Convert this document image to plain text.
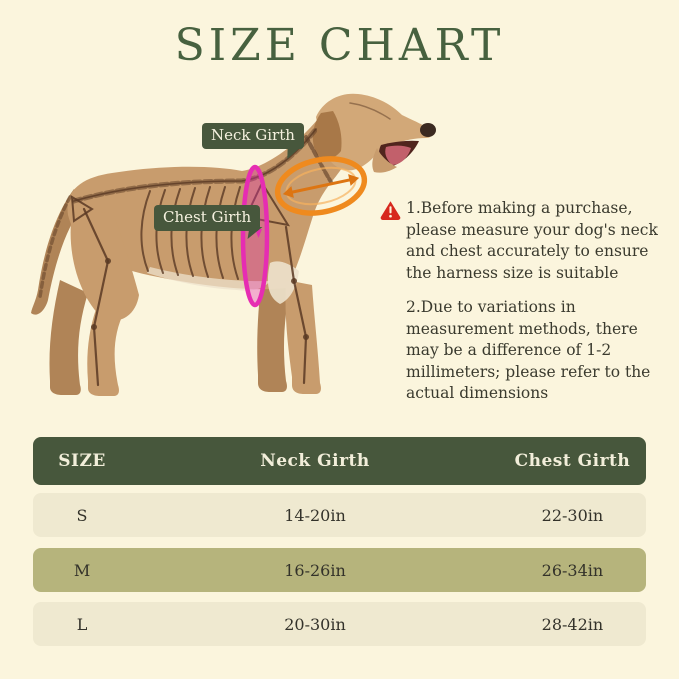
SIZE CHART
Neck Girth
Chest Girth	1.Before making a purchase,
please measure your dog's neck
and chest accurately to ensure
the harness size is suitable
2.Due to variations in
measurement methods, there
may be a difference of 1-2
millimeters; please refer to the
actual dimensions
SIZE	Neck Girth	Chest Girth
S	14-20in	22-30in
M	16-26in	26-34in
L	20-30in	28-42in
